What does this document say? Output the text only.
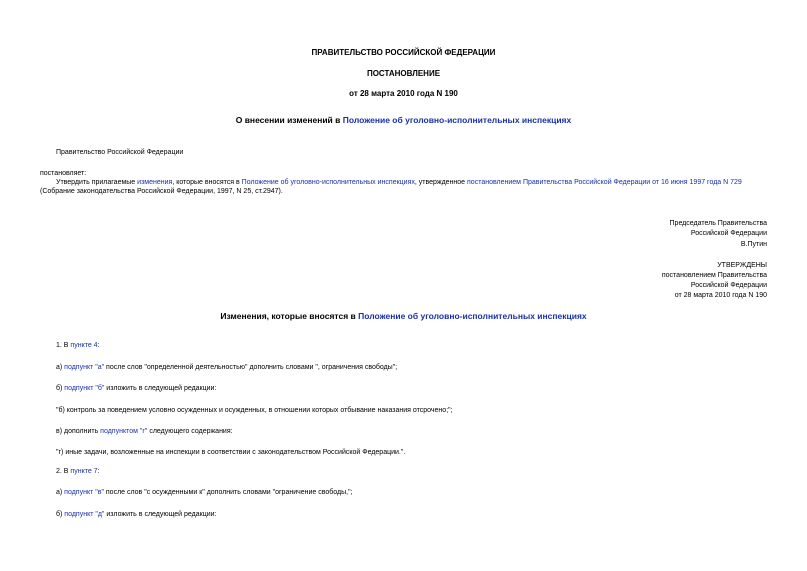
ПРАВИТЕЛЬСТВО РОССИЙСКОЙ ФЕДЕРАЦИИ
ПОСТАНОВЛЕНИЕ
от 28 марта 2010 года N 190
О внесении изменений в Положение об уголовно-исполнительных инспекциях
Правительство Российской Федерации
постановляет:
Утвердить прилагаемые изменения, которые вносятся в Положение об уголовно-исполнительных инспекциях, утвержденное постановлением Правительства Российской Федерации от 16 июня 1997 года N 729
(Собрание законодательства Российской Федерации, 1997, N 25, ст.2947).
Председатель Правительства
Российской Федерации
В.Путин
УТВЕРЖДЕНЫ
постановлением Правительства
Российской Федерации
от 28 марта 2010 года N 190
Изменения, которые вносятся в Положение об уголовно-исполнительных инспекциях
1. В пункте 4:
а) подпункт "а" после слов "определенной деятельностью" дополнить словами ", ограничения свободы";
б) подпункт "б" изложить в следующей редакции:
"б) контроль за поведением условно осужденных и осужденных, в отношении которых отбывание наказания отсрочено;";
в) дополнить подпунктом "г" следующего содержания:
"г) иные задачи, возложенные на инспекции в соответствии с законодательством Российской Федерации.".
2. В пункте 7:
а) подпункт "в" после слов "с осужденными к" дополнить словами "ограничение свободы,";
б) подпункт "д" изложить в следующей редакции:
